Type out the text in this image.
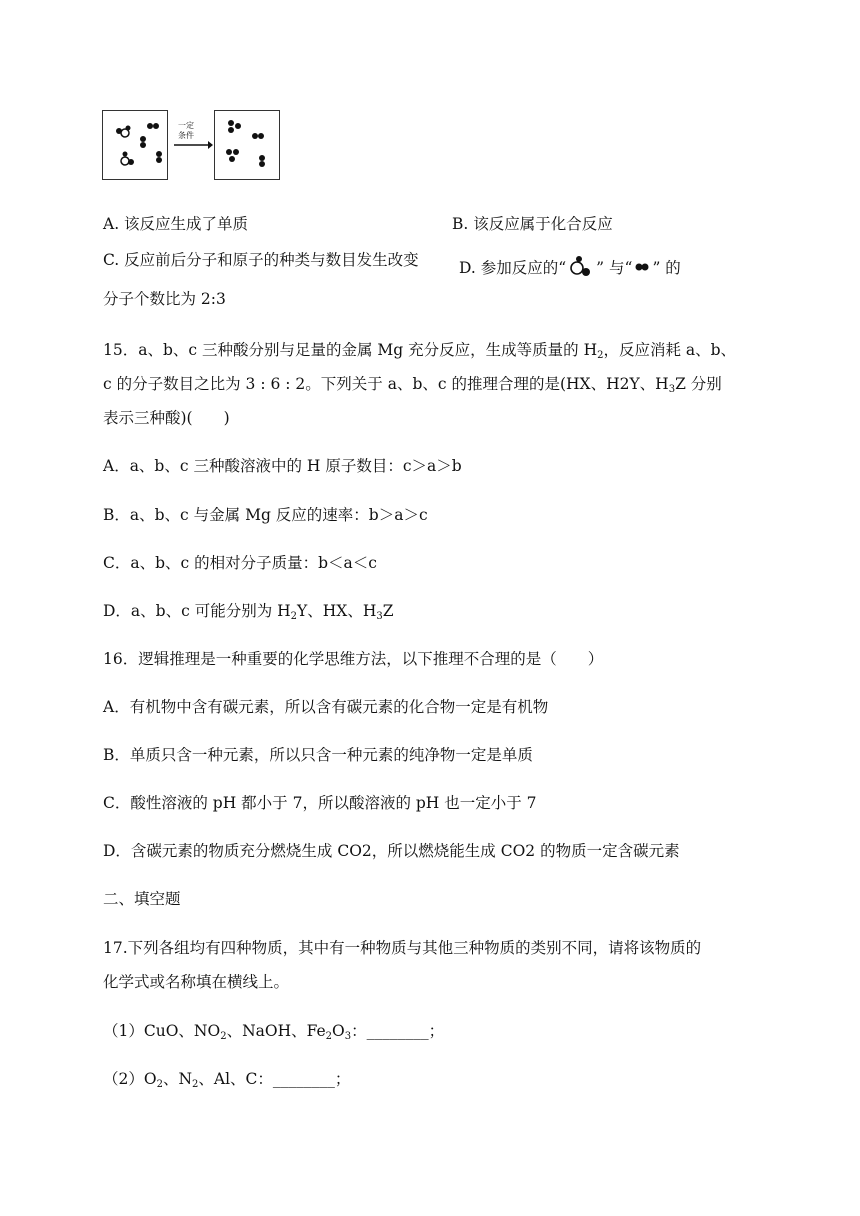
一定
条件
A. 该反应生成了单质	B. 该反应属于化合反应
C. 反应前后分子和原子的种类与数目发生改变	D. 参加反应的“ ” 与“ ” 的
分子个数比为 2:3
15．a、b、c 三种酸分别与足量的金属 Mg 充分反应，生成等质量的 $H_2$，反应消耗 a、b、
c 的分子数目之比为 3 : 6 : 2。下列关于 a、b、c 的推理合理的是(HX、H2Y、$H_3Z$ 分别
表示三种酸)(　　)
A．a、b、c 三种酸溶液中的 H 原子数目：c＞a＞b
B．a、b、c 与金属 Mg 反应的速率：b＞a＞c
C．a、b、c 的相对分子质量：b＜a＜c
D．a、b、c 可能分别为 $H_2Y$、HX、$H_3Z$
16．逻辑推理是一种重要的化学思维方法，以下推理不合理的是（　　）
A．有机物中含有碳元素，所以含有碳元素的化合物一定是有机物
B．单质只含一种元素，所以只含一种元素的纯净物一定是单质
C．酸性溶液的 pH 都小于 7，所以酸溶液的 pH 也一定小于 7
D．含碳元素的物质充分燃烧生成 CO2，所以燃烧能生成 CO2 的物质一定含碳元素
二、填空题
17.下列各组均有四种物质，其中有一种物质与其他三种物质的类别不同，请将该物质的
化学式或名称填在横线上。
（1）CuO、$NO_2$、NaOH、$Fe_2O_3$：________；
$(2)O_2$、$N_2$、Al、C：________；
